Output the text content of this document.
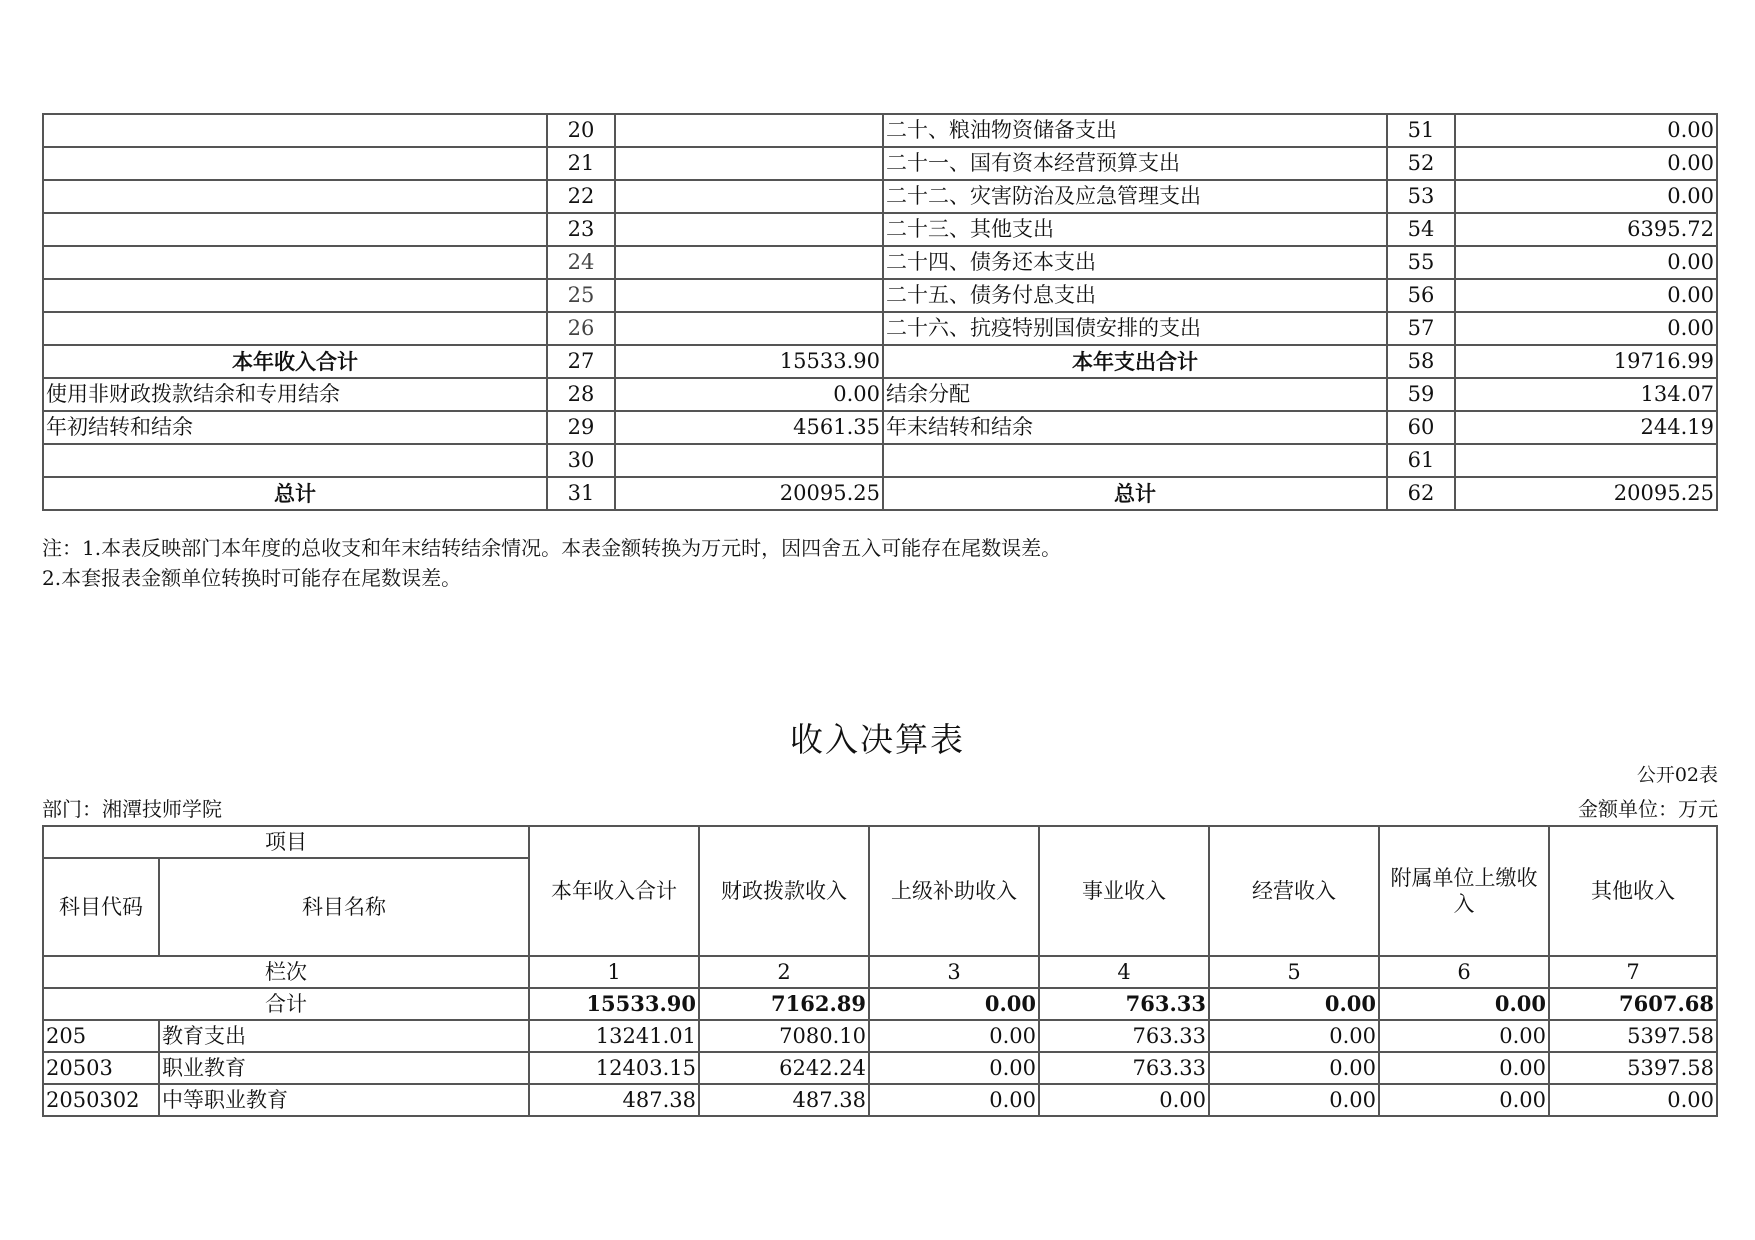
	20		二十、粮油物资储备支出	51	0.00
	21		二十一、国有资本经营预算支出	52	0.00
	22		二十二、灾害防治及应急管理支出	53	0.00
	23		二十三、其他支出	54	6395.72
	24		二十四、债务还本支出	55	0.00
	25		二十五、债务付息支出	56	0.00
	26		二十六、抗疫特别国债安排的支出	57	0.00
本年收入合计	27	15533.90	本年支出合计	58	19716.99
使用非财政拨款结余和专用结余	28	0.00	结余分配	59	134.07
年初结转和结余	29	4561.35	年末结转和结余	60	244.19
	30			61	
总计	31	20095.25	总计	62	20095.25
注：1.本表反映部门本年度的总收支和年末结转结余情况。本表金额转换为万元时，因四舍五入可能存在尾数误差。
2.本套报表金额单位转换时可能存在尾数误差。
收入决算表
公开02表
部门：湘潭技师学院	金额单位：万元
项目		本年收入合计	财政拨款收入	上级补助收入	事业收入	经营收入	附属单位上缴收入	其他收入
科目代码	科目名称							
栏次		1	2	3	4	5	6	7
合计		15533.90	7162.89	0.00	763.33	0.00	0.00	7607.68
205	教育支出	13241.01	7080.10	0.00	763.33	0.00	0.00	5397.58
20503	职业教育	12403.15	6242.24	0.00	763.33	0.00	0.00	5397.58
2050302	中等职业教育	487.38	487.38	0.00	0.00	0.00	0.00	0.00
